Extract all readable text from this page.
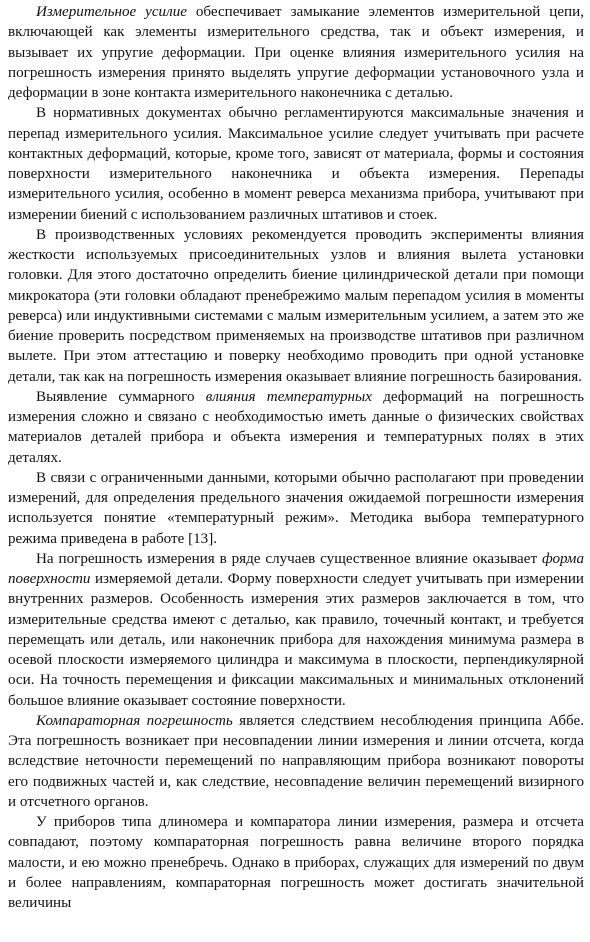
Измерительное усилие обеспечивает замыкание элементов измерительной цепи, включающей как элементы измерительного средства, так и объект измерения, и вызывает их упругие деформации. При оценке влияния измерительного усилия на погрешность измерения принято выделять упругие деформации установочного узла и деформации в зоне контакта измерительного наконечника с деталью.

В нормативных документах обычно регламентируются максимальные значения и перепад измерительного усилия. Максимальное усилие следует учитывать при расчете контактных деформаций, которые, кроме того, зависят от материала, формы и состояния поверхности измерительного наконечника и объекта измерения. Перепады измерительного усилия, особенно в момент реверса механизма прибора, учитывают при измерении биений с использованием различных штативов и стоек.

В производственных условиях рекомендуется проводить эксперименты влияния жесткости используемых присоединительных узлов и влияния вылета установки головки. Для этого достаточно определить биение цилиндрической детали при помощи микрокатора (эти головки обладают пренебрежимо малым перепадом усилия в моменты реверса) или индуктивными системами с малым измерительным усилием, а затем это же биение проверить посредством применяемых на производстве штативов при различном вылете. При этом аттестацию и поверку необходимо проводить при одной установке детали, так как на погрешность измерения оказывает влияние погрешность базирования.

Выявление суммарного влияния температурных деформаций на погрешность измерения сложно и связано с необходимостью иметь данные о физических свойствах материалов деталей прибора и объекта измерения и температурных полях в этих деталях.

В связи с ограниченными данными, которыми обычно располагают при проведении измерений, для определения предельного значения ожидаемой погрешности измерения используется понятие «температурный режим». Методика выбора температурного режима приведена в работе [13].

На погрешность измерения в ряде случаев существенное влияние оказывает форма поверхности измеряемой детали. Форму поверхности следует учитывать при измерении внутренних размеров. Особенность измерения этих размеров заключается в том, что измерительные средства имеют с деталью, как правило, точечный контакт, и требуется перемещать или деталь, или наконечник прибора для нахождения минимума размера в осевой плоскости измеряемого цилиндра и максимума в плоскости, перпендикулярной оси. На точность перемещения и фиксации максимальных и минимальных отклонений большое влияние оказывает состояние поверхности.

Компараторная погрешность является следствием несоблюдения принципа Аббе. Эта погрешность возникает при несовпадении линии измерения и линии отсчета, когда вследствие неточности перемещений по направляющим прибора возникают повороты его подвижных частей и, как следствие, несовпадение величин перемещений визирного и отсчетного органов.

У приборов типа длиномера и компаратора линии измерения, размера и отсчета совпадают, поэтому компараторная погрешность равна величине второго порядка малости, и ею можно пренебречь. Однако в приборах, служащих для измерений по двум и более направлениям, компараторная погрешность может достигать значительной величины
